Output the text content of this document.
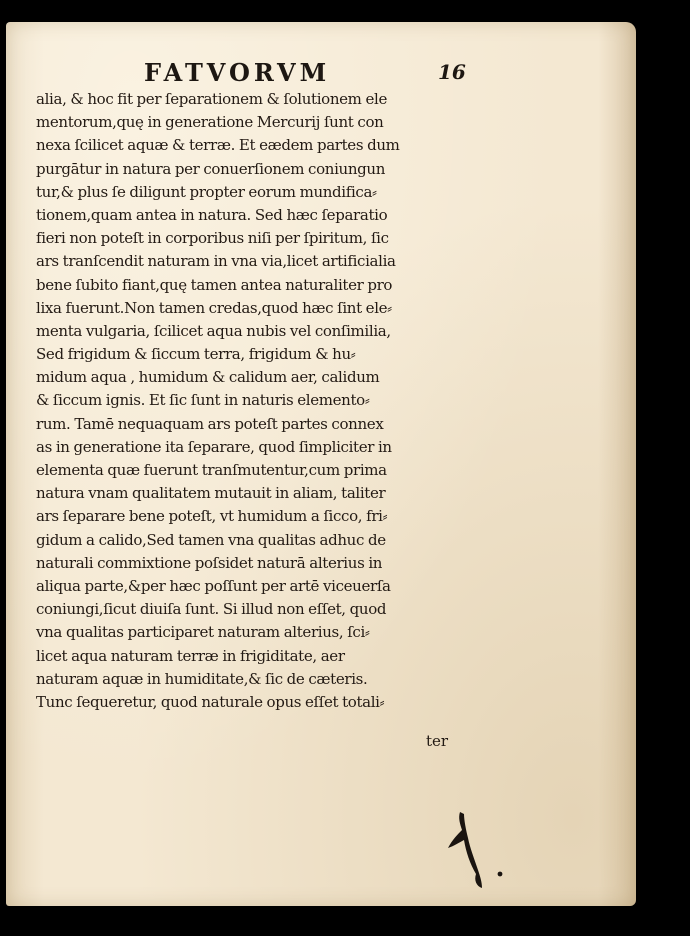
FATVORVM	16
alia, & hoc fit per ſeparationem & ſolutionem ele
mentorum,quę in generatione Mercurij ſunt con
nexa ſcilicet aquæ & terræ. Et eædem partes dum
purgātur in natura per conuerſionem coniungun
tur,& plus ſe diligunt propter eorum mundifica⸗
tionem,quam antea in natura. Sed hæc ſeparatio
fieri non poteſt in corporibus niſi per ſpiritum, ſic
ars tranſcendit naturam in vna via,licet artificialia
bene ſubito fiant,quę tamen antea naturaliter pro
lixa fuerunt.Non tamen credas,quod hæc ſint ele⸗
menta vulgaria, ſcilicet aqua nubis vel conſimilia,
Sed frigidum & ſiccum terra, frigidum & hu⸗
midum aqua , humidum & calidum aer, calidum
& ſiccum ignis. Et ſic ſunt in naturis elemento⸗
rum. Tamē nequaquam ars poteſt partes connex
as in generatione ita ſeparare, quod ſimpliciter in
elementa quæ fuerunt tranſmutentur,cum prima
natura vnam qualitatem mutauit in aliam, taliter
ars ſeparare bene poteſt, vt humidum a ſicco, fri⸗
gidum a calido,Sed tamen vna qualitas adhuc de
naturali commixtione poſsidet naturā alterius in
aliqua parte,&per hæc poſſunt per artē viceuerſa
coniungi,ſicut diuiſa ſunt. Si illud non eſſet, quod
vna qualitas participaret naturam alterius, ſci⸗
licet aqua naturam terræ in frigiditate, aer
naturam aquæ in humiditate,& ſic de cæteris.
Tunc ſequeretur, quod naturale opus eſſet totali⸗
ter
